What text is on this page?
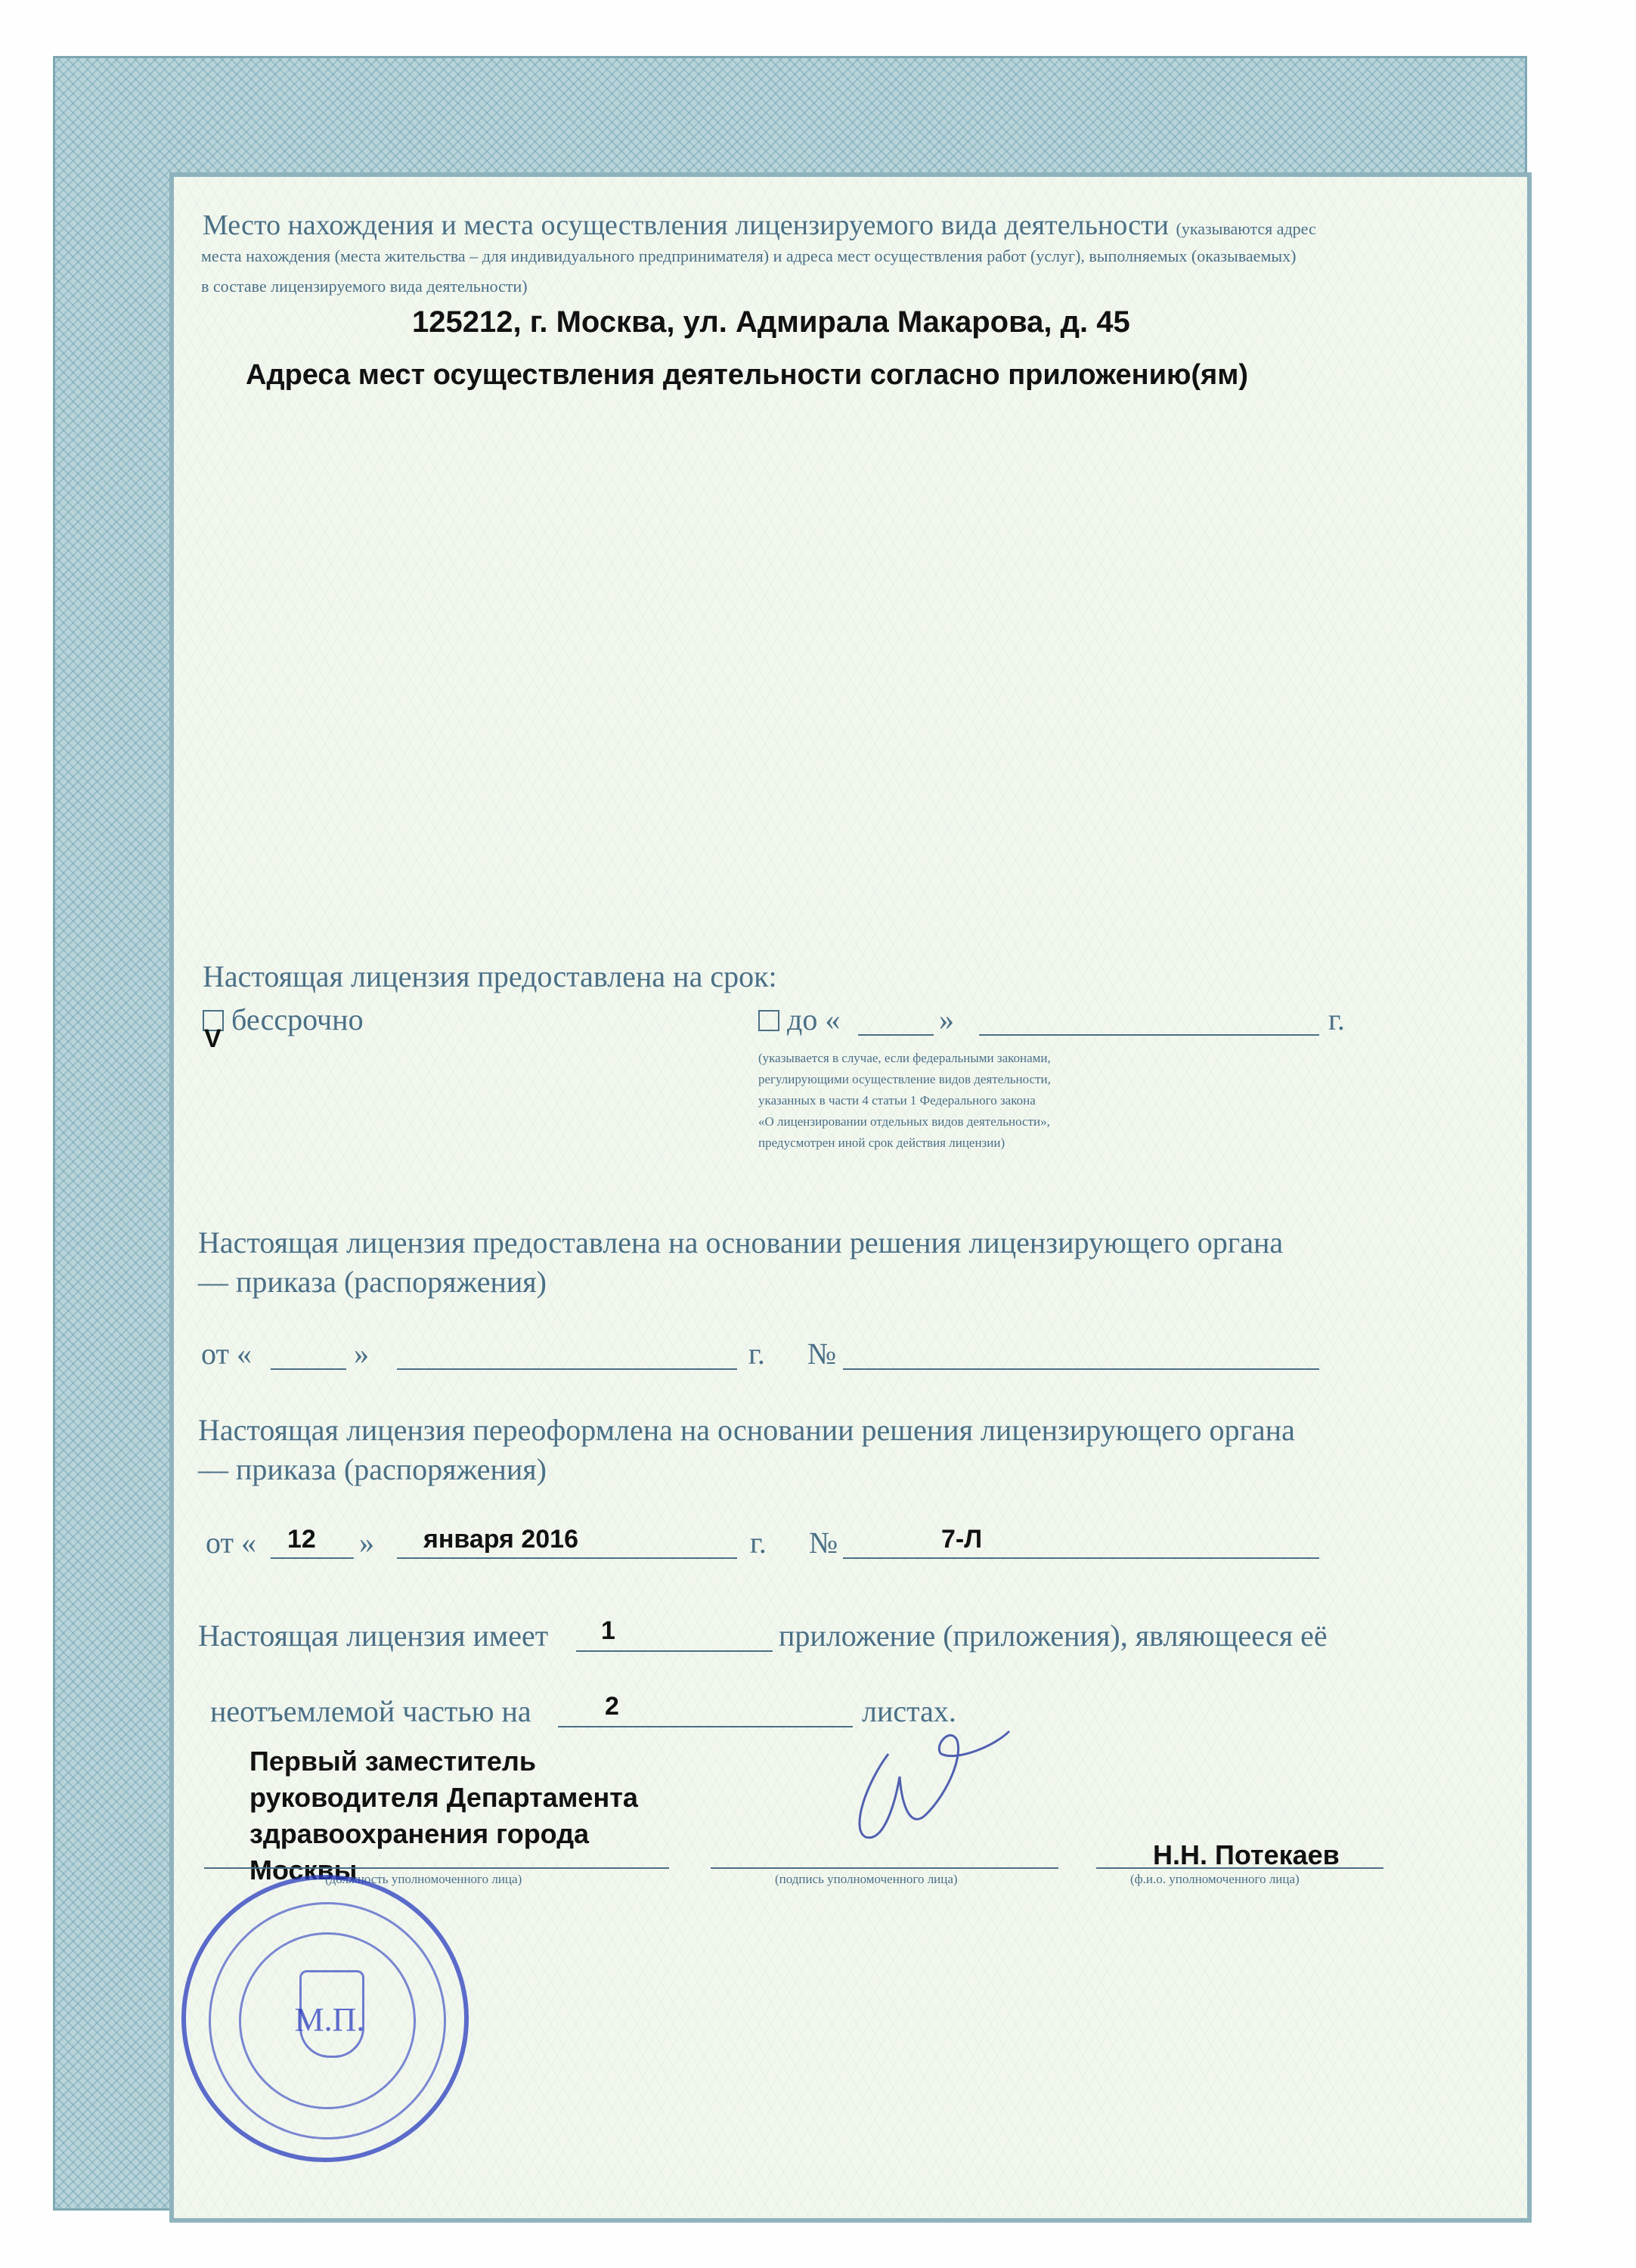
Место нахождения и места осуществления лицензируемого вида деятельности (указываются адрес
места нахождения (места жительства – для индивидуального предпринимателя) и адреса мест осуществления работ (услуг), выполняемых (оказываемых)
в составе лицензируемого вида деятельности)
125212, г. Москва, ул. Адмирала Макарова, д. 45
Адреса мест осуществления деятельности согласно приложению(ям)
Настоящая лицензия предоставлена на срок:
бессрочно
V
до «	»	г.
(указывается в случае, если федеральными законами,
регулирующими осуществление видов деятельности,
указанных в части 4 статьи 1 Федерального закона
«О лицензировании отдельных видов деятельности»,
предусмотрен иной срок действия лицензии)
Настоящая лицензия предоставлена на основании решения лицензирующего органа
— приказа (распоряжения)
от «	»	г. №
Настоящая лицензия переоформлена на основании решения лицензирующего органа
— приказа (распоряжения)
от « 12 » января 2016	г. №	7-Л
Настоящая лицензия имеет 1	приложение (приложения), являющееся её
неотъемлемой частью на	2	листах.
Первый заместитель
руководителя Департамента
здравоохранения города
Москвы
(должность уполномоченного лица)	(подпись уполномоченного лица)
Н.Н. Потекаев
(ф.и.о. уполномоченного лица)
М.П.
